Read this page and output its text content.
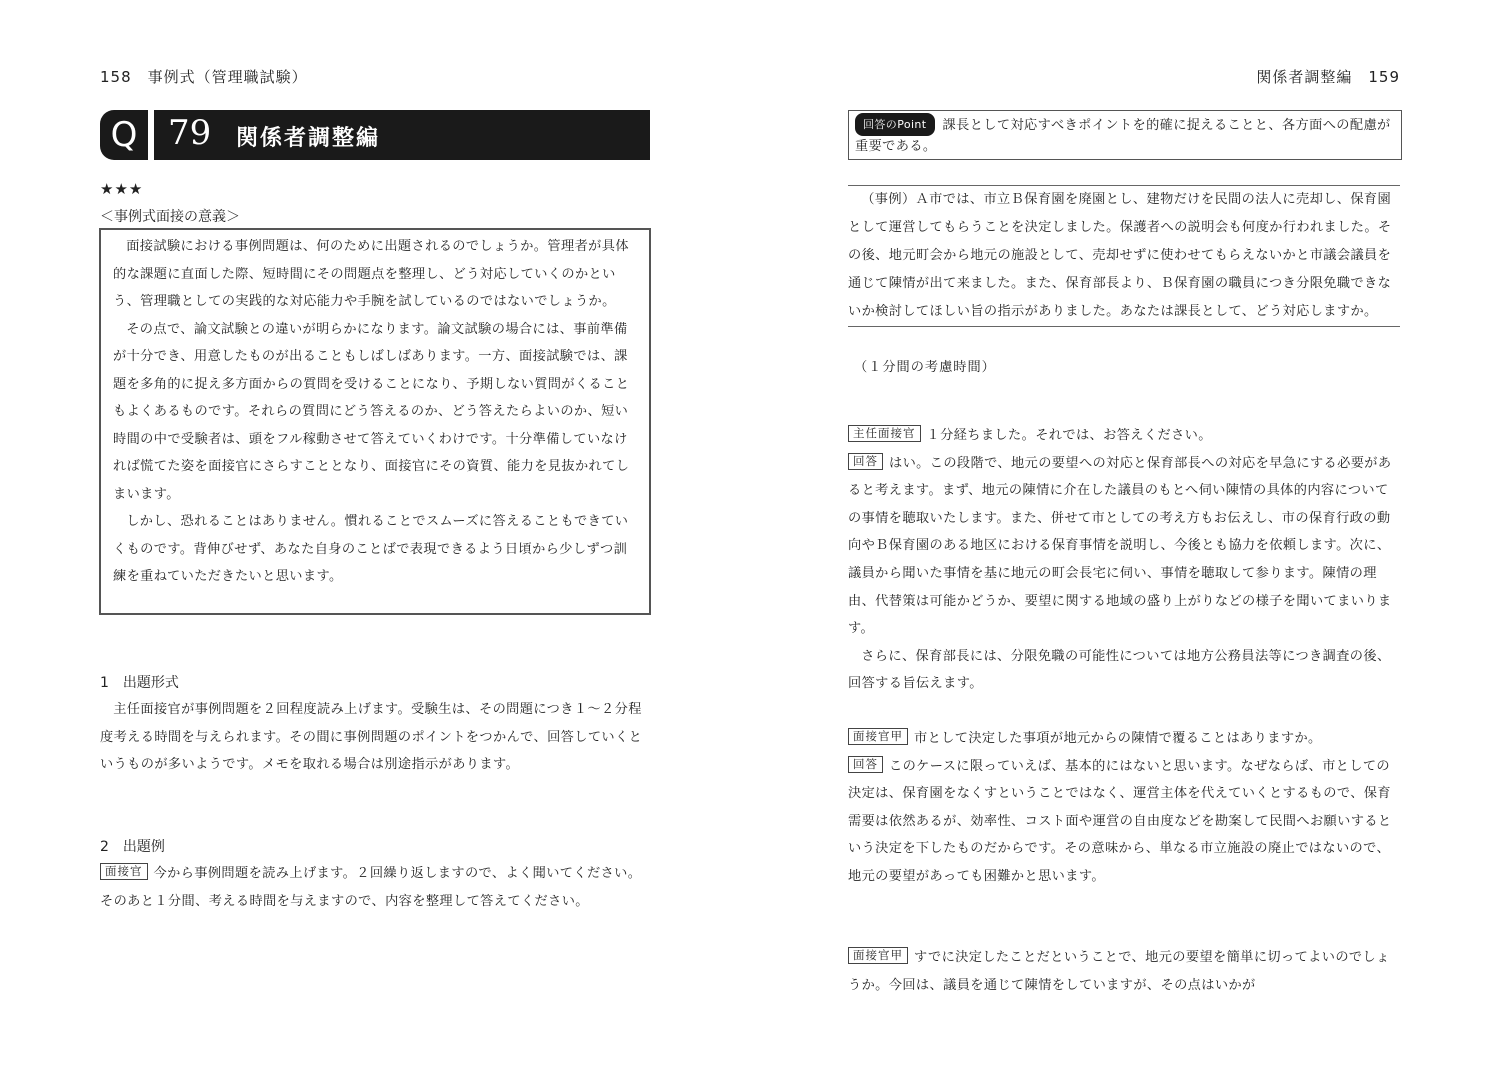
158　事例式（管理職試験）
Q 79 関係者調整編
★★★
＜事例式面接の意義＞

面接試験における事例問題は、何のために出題されるのでしょうか。管理者が具体的な課題に直面した際、短時間にその問題点を整理し、どう対応していくのかという、管理職としての実践的な対応能力や手腕を試しているのではないでしょうか。

その点で、論文試験との違いが明らかになります。論文試験の場合には、事前準備が十分でき、用意したものが出ることもしばしばあります。一方、面接試験では、課題を多角的に捉え多方面からの質問を受けることになり、予期しない質問がくることもよくあるものです。それらの質問にどう答えるのか、どう答えたらよいのか、短い時間の中で受験者は、頭をフル稼動させて答えていくわけです。十分準備していなければ慌てた姿を面接官にさらすこととなり、面接官にその資質、能力を見抜かれてしまいます。

しかし、恐れることはありません。慣れることでスムーズに答えることもできていくものです。背伸びせず、あなた自身のことばで表現できるよう日頃から少しずつ訓練を重ねていただきたいと思います。

1　出題形式

主任面接官が事例問題を２回程度読み上げます。受験生は、その問題につき１～２分程度考える時間を与えられます。その間に事例問題のポイントをつかんで、回答していくというものが多いようです。メモを取れる場合は別途指示があります。

2　出題例

面接官 今から事例問題を読み上げます。２回繰り返しますので、よく聞いてください。そのあと１分間、考える時間を与えますので、内容を整理して答えてください。

関係者調整編　159

回答のPoint 課長として対応すべきポイントを的確に捉えることと、各方面への配慮が重要である。

（事例）Ａ市では、市立Ｂ保育園を廃園とし、建物だけを民間の法人に売却し、保育園として運営してもらうことを決定しました。保護者への説明会も何度か行われました。その後、地元町会から地元の施設として、売却せずに使わせてもらえないかと市議会議員を通じて陳情が出て来ました。また、保育部長より、Ｂ保育園の職員につき分限免職できないか検討してほしい旨の指示がありました。あなたは課長として、どう対応しますか。

（１分間の考慮時間）

主任面接官 １分経ちました。それでは、お答えください。

回答 はい。この段階で、地元の要望への対応と保育部長への対応を早急にする必要があると考えます。まず、地元の陳情に介在した議員のもとへ伺い陳情の具体的内容についての事情を聴取いたします。また、併せて市としての考え方もお伝えし、市の保育行政の動向やＢ保育園のある地区における保育事情を説明し、今後とも協力を依頼します。次に、議員から聞いた事情を基に地元の町会長宅に伺い、事情を聴取して参ります。陳情の理由、代替策は可能かどうか、要望に関する地域の盛り上がりなどの様子を聞いてまいります。

さらに、保育部長には、分限免職の可能性については地方公務員法等につき調査の後、回答する旨伝えます。

面接官甲 市として決定した事項が地元からの陳情で覆ることはありますか。

回答 このケースに限っていえば、基本的にはないと思います。なぜならば、市としての決定は、保育園をなくすということではなく、運営主体を代えていくとするもので、保育需要は依然あるが、効率性、コスト面や運営の自由度などを勘案して民間へお願いするという決定を下したものだからです。その意味から、単なる市立施設の廃止ではないので、地元の要望があっても困難かと思います。

面接官甲 すでに決定したことだということで、地元の要望を簡単に切ってよいのでしょうか。今回は、議員を通じて陳情をしていますが、その点はいかが
